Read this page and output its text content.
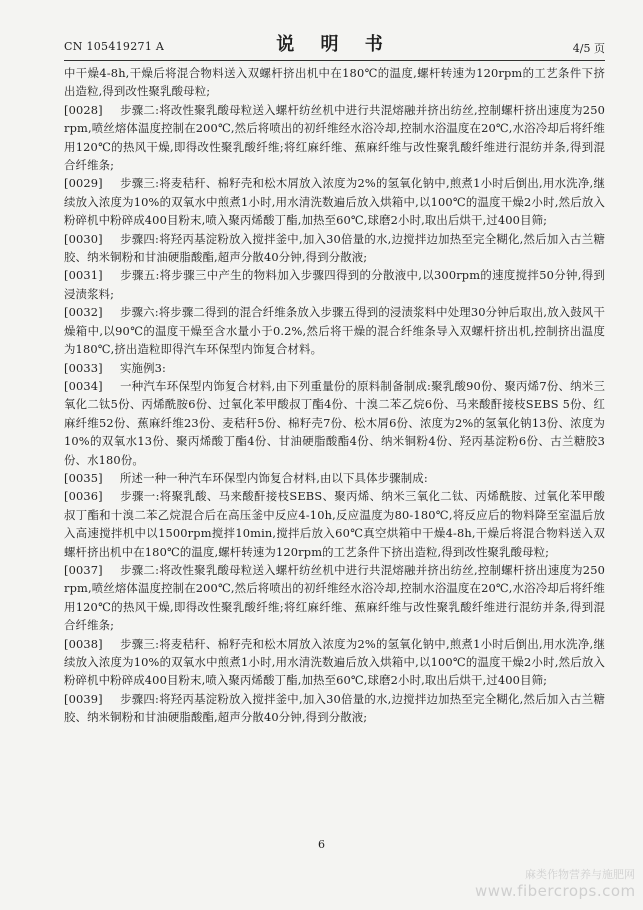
CN 105419271 A	说 明 书	4/5 页

中干燥4-8h,干燥后将混合物料送入双螺杆挤出机中在180℃的温度,螺杆转速为120rpm的工艺条件下挤出造粒,得到改性聚乳酸母粒;

[0028] 步骤二:将改性聚乳酸母粒送入螺杆纺丝机中进行共混熔融并挤出纺丝,控制螺杆挤出速度为250rpm,喷丝熔体温度控制在200℃,然后将喷出的初纤维经水浴冷却,控制水浴温度在20℃,水浴冷却后将纤维用120℃的热风干燥,即得改性聚乳酸纤维;将红麻纤维、蕉麻纤维与改性聚乳酸纤维进行混纺并条,得到混合纤维条;

[0029] 步骤三:将麦秸秆、棉籽壳和松木屑放入浓度为2%的氢氧化钠中,煎煮1小时后倒出,用水洗净,继续放入浓度为10%的双氧水中煎煮1小时,用水清洗数遍后放入烘箱中,以100℃的温度干燥2小时,然后放入粉碎机中粉碎成400目粉末,喷入聚丙烯酸丁酯,加热至60℃,球磨2小时,取出后烘干,过400目筛;

[0030] 步骤四:将羟丙基淀粉放入搅拌釜中,加入30倍量的水,边搅拌边加热至完全糊化,然后加入古兰糖胶、纳米铜粉和甘油硬脂酸酯,超声分散40分钟,得到分散液;

[0031] 步骤五:将步骤三中产生的物料加入步骤四得到的分散液中,以300rpm的速度搅拌50分钟,得到浸渍浆料;

[0032] 步骤六:将步骤二得到的混合纤维条放入步骤五得到的浸渍浆料中处理30分钟后取出,放入鼓风干燥箱中,以90℃的温度干燥至含水量小于0.2%,然后将干燥的混合纤维条导入双螺杆挤出机,控制挤出温度为180℃,挤出造粒即得汽车环保型内饰复合材料。

[0033] 实施例3:

[0034] 一种汽车环保型内饰复合材料,由下列重量份的原料制备制成:聚乳酸90份、聚丙烯7份、纳米三氧化二钛5份、丙烯酰胺6份、过氧化苯甲酸叔丁酯4份、十溴二苯乙烷6份、马来酸酐接枝SEBS 5份、红麻纤维52份、蕉麻纤维23份、麦秸秆5份、棉籽壳7份、松木屑6份、浓度为2%的氢氧化钠13份、浓度为10%的双氧水13份、聚丙烯酸丁酯4份、甘油硬脂酸酯4份、纳米铜粉4份、羟丙基淀粉6份、古兰糖胶3份、水180份。

[0035] 所述一种一种汽车环保型内饰复合材料,由以下具体步骤制成:

[0036] 步骤一:将聚乳酸、马来酸酐接枝SEBS、聚丙烯、纳米三氧化二钛、丙烯酰胺、过氧化苯甲酸叔丁酯和十溴二苯乙烷混合后在高压釜中反应4-10h,反应温度为80-180℃,将反应后的物料降至室温后放入高速搅拌机中以1500rpm搅拌10min,搅拌后放入60℃真空烘箱中干燥4-8h,干燥后将混合物料送入双螺杆挤出机中在180℃的温度,螺杆转速为120rpm的工艺条件下挤出造粒,得到改性聚乳酸母粒;

[0037] 步骤二:将改性聚乳酸母粒送入螺杆纺丝机中进行共混熔融并挤出纺丝,控制螺杆挤出速度为250rpm,喷丝熔体温度控制在200℃,然后将喷出的初纤维经水浴冷却,控制水浴温度在20℃,水浴冷却后将纤维用120℃的热风干燥,即得改性聚乳酸纤维;将红麻纤维、蕉麻纤维与改性聚乳酸纤维进行混纺并条,得到混合纤维条;

[0038] 步骤三:将麦秸秆、棉籽壳和松木屑放入浓度为2%的氢氧化钠中,煎煮1小时后倒出,用水洗净,继续放入浓度为10%的双氧水中煎煮1小时,用水清洗数遍后放入烘箱中,以100℃的温度干燥2小时,然后放入粉碎机中粉碎成400目粉末,喷入聚丙烯酸丁酯,加热至60℃,球磨2小时,取出后烘干,过400目筛;

[0039] 步骤四:将羟丙基淀粉放入搅拌釜中,加入30倍量的水,边搅拌边加热至完全糊化,然后加入古兰糖胶、纳米铜粉和甘油硬脂酸酯,超声分散40分钟,得到分散液;

6
麻类作物营养与施肥网
www.fibercrops.com
